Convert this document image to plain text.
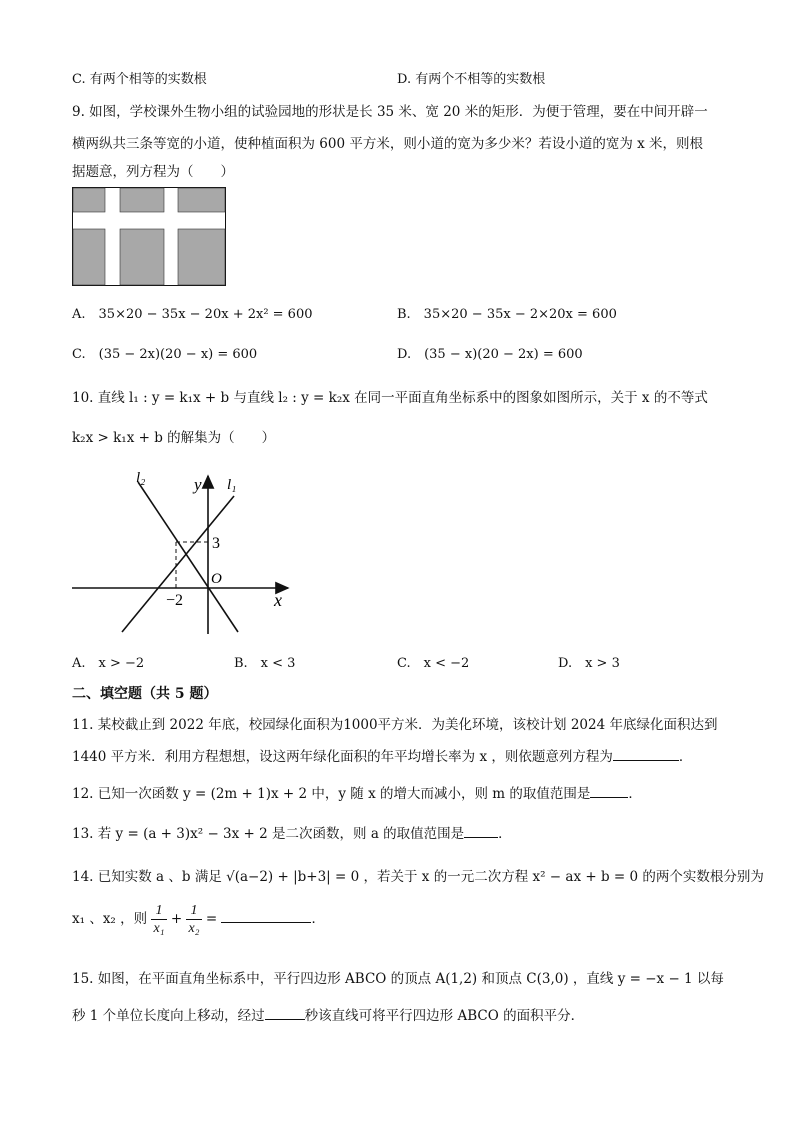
C. 有两个相等的实数根	D. 有两个不相等的实数根
9. 如图，学校课外生物小组的试验园地的形状是长 35 米、宽 20 米的矩形．为便于管理，要在中间开辟一
横两纵共三条等宽的小道，使种植面积为 600 平方米，则小道的宽为多少米？若设小道的宽为 x 米，则根
据题意，列方程为（　　）
A.　35×20 − 35x − 20x + 2x² = 600	B.　35×20 − 35x − 2×20x = 600
C.　(35 − 2x)(20 − x) = 600	D.　(35 − x)(20 − 2x) = 600
10. 直线 l₁ : y = k₁x + b 与直线 l₂ : y = k₂x 在同一平面直角坐标系中的图象如图所示，关于 x 的不等式
k₂x > k₁x + b 的解集为（　　）
l₂	l₁
y
x
O
3
−2
A.　x > −2	B.　x < 3	C.　x < −2	D.　x > 3
二、填空题（共 5 题）
11. 某校截止到 2022 年底，校园绿化面积为1000平方米．为美化环境，该校计划 2024 年底绿化面积达到
1440 平方米．利用方程想想，设这两年绿化面积的年平均增长率为 x ，则依题意列方程为	．
12. 已知一次函数 y = (2m + 1)x + 2 中，y 随 x 的增大而减小，则 m 的取值范围是	．
13. 若 y = (a + 3)x² − 3x + 2 是二次函数，则 a 的取值范围是	．
14. 已知实数 a 、b 满足 √(a−2) + |b+3| = 0 ，若关于 x 的一元二次方程 x² − ax + b = 0 的两个实数根分别为
x₁ 、x₂ ，则 $\frac{1}{\text{x₁}} + \frac{1}{\text{x₂}}$ =	．
15. 如图，在平面直角坐标系中，平行四边形 ABCO 的顶点 A(1,2) 和顶点 C(3,0) ，直线 y = −x − 1 以每
秒 1 个单位长度向上移动，经过	秒该直线可将平行四边形 ABCO 的面积平分．
